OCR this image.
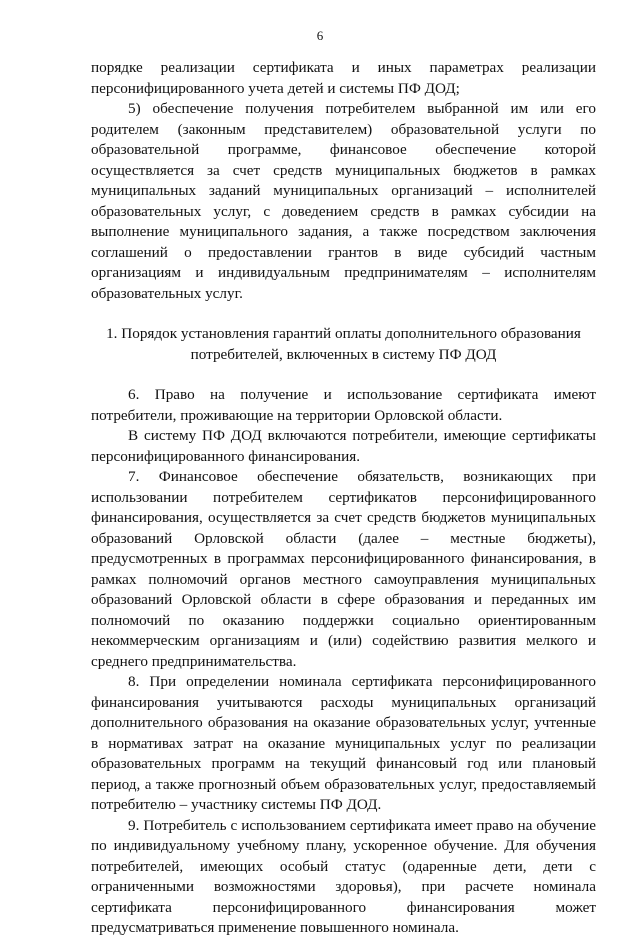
6

порядке реализации сертификата и иных параметрах реализации персонифицированного учета детей и системы ПФ ДОД;

5) обеспечение получения потребителем выбранной им или его родителем (законным представителем) образовательной услуги по образовательной программе, финансовое обеспечение которой осуществляется за счет средств муниципальных бюджетов в рамках муниципальных заданий муниципальных организаций – исполнителей образовательных услуг, с доведением средств в рамках субсидии на выполнение муниципального задания, а также посредством заключения соглашений о предоставлении грантов в виде субсидий частным организациям и индивидуальным предпринимателям – исполнителям образовательных услуг.

1. Порядок установления гарантий оплаты дополнительного образования потребителей, включенных в систему ПФ ДОД

6. Право на получение и использование сертификата имеют потребители, проживающие на территории Орловской области.

В систему ПФ ДОД включаются потребители, имеющие сертификаты персонифицированного финансирования.

7. Финансовое обеспечение обязательств, возникающих при использовании потребителем сертификатов персонифицированного финансирования, осуществляется за счет средств бюджетов муниципальных образований Орловской области (далее – местные бюджеты), предусмотренных в программах персонифицированного финансирования, в рамках полномочий органов местного самоуправления муниципальных образований Орловской области в сфере образования и переданных им полномочий по оказанию поддержки социально ориентированным некоммерческим организациям и (или) содействию развития мелкого и среднего предпринимательства.

8. При определении номинала сертификата персонифицированного финансирования учитываются расходы муниципальных организаций дополнительного образования на оказание образовательных услуг, учтенные в нормативах затрат на оказание муниципальных услуг по реализации образовательных программ на текущий финансовый год или плановый период, а также прогнозный объем образовательных услуг, предоставляемый потребителю – участнику системы ПФ ДОД.

9. Потребитель с использованием сертификата имеет право на обучение по индивидуальному учебному плану, ускоренное обучение. Для обучения потребителей, имеющих особый статус (одаренные дети, дети с ограниченными возможностями здоровья), при расчете номинала сертификата персонифицированного финансирования может предусматриваться применение повышенного номинала.
